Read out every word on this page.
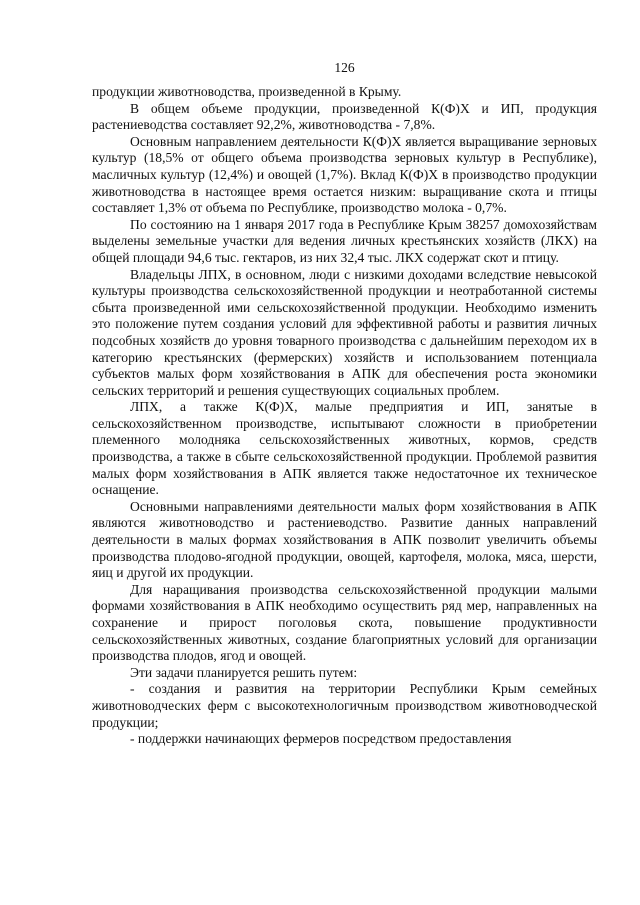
126

продукции животноводства, произведенной в Крыму.

В общем объеме продукции, произведенной К(Ф)Х и ИП, продукция растениеводства составляет 92,2%, животноводства - 7,8%.

Основным направлением деятельности К(Ф)Х является выращивание зерновых культур (18,5% от общего объема производства зерновых культур в Республике), масличных культур (12,4%) и овощей (1,7%). Вклад К(Ф)Х в производство продукции животноводства в настоящее время остается низким: выращивание скота и птицы составляет 1,3% от объема по Республике, производство молока - 0,7%.

По состоянию на 1 января 2017 года в Республике Крым 38257 домохозяйствам выделены земельные участки для ведения личных крестьянских хозяйств (ЛКХ) на общей площади 94,6 тыс. гектаров, из них 32,4 тыс. ЛКХ содержат скот и птицу.

Владельцы ЛПХ, в основном, люди с низкими доходами вследствие невысокой культуры производства сельскохозяйственной продукции и неотработанной системы сбыта произведенной ими сельскохозяйственной продукции. Необходимо изменить это положение путем создания условий для эффективной работы и развития личных подсобных хозяйств до уровня товарного производства с дальнейшим переходом их в категорию крестьянских (фермерских) хозяйств и использованием потенциала субъектов малых форм хозяйствования в АПК для обеспечения роста экономики сельских территорий и решения существующих социальных проблем.

ЛПХ, а также К(Ф)Х, малые предприятия и ИП, занятые в сельскохозяйственном производстве, испытывают сложности в приобретении племенного молодняка сельскохозяйственных животных, кормов, средств производства, а также в сбыте сельскохозяйственной продукции. Проблемой развития малых форм хозяйствования в АПК является также недостаточное их техническое оснащение.

Основными направлениями деятельности малых форм хозяйствования в АПК являются животноводство и растениеводство. Развитие данных направлений деятельности в малых формах хозяйствования в АПК позволит увеличить объемы производства плодово-ягодной продукции, овощей, картофеля, молока, мяса, шерсти, яиц и другой их продукции.

Для наращивания производства сельскохозяйственной продукции малыми формами хозяйствования в АПК необходимо осуществить ряд мер, направленных на сохранение и прирост поголовья скота, повышение продуктивности сельскохозяйственных животных, создание благоприятных условий для организации производства плодов, ягод и овощей.

Эти задачи планируется решить путем:

- создания и развития на территории Республики Крым семейных животноводческих ферм с высокотехнологичным производством животноводческой продукции;

- поддержки начинающих фермеров посредством предоставления
